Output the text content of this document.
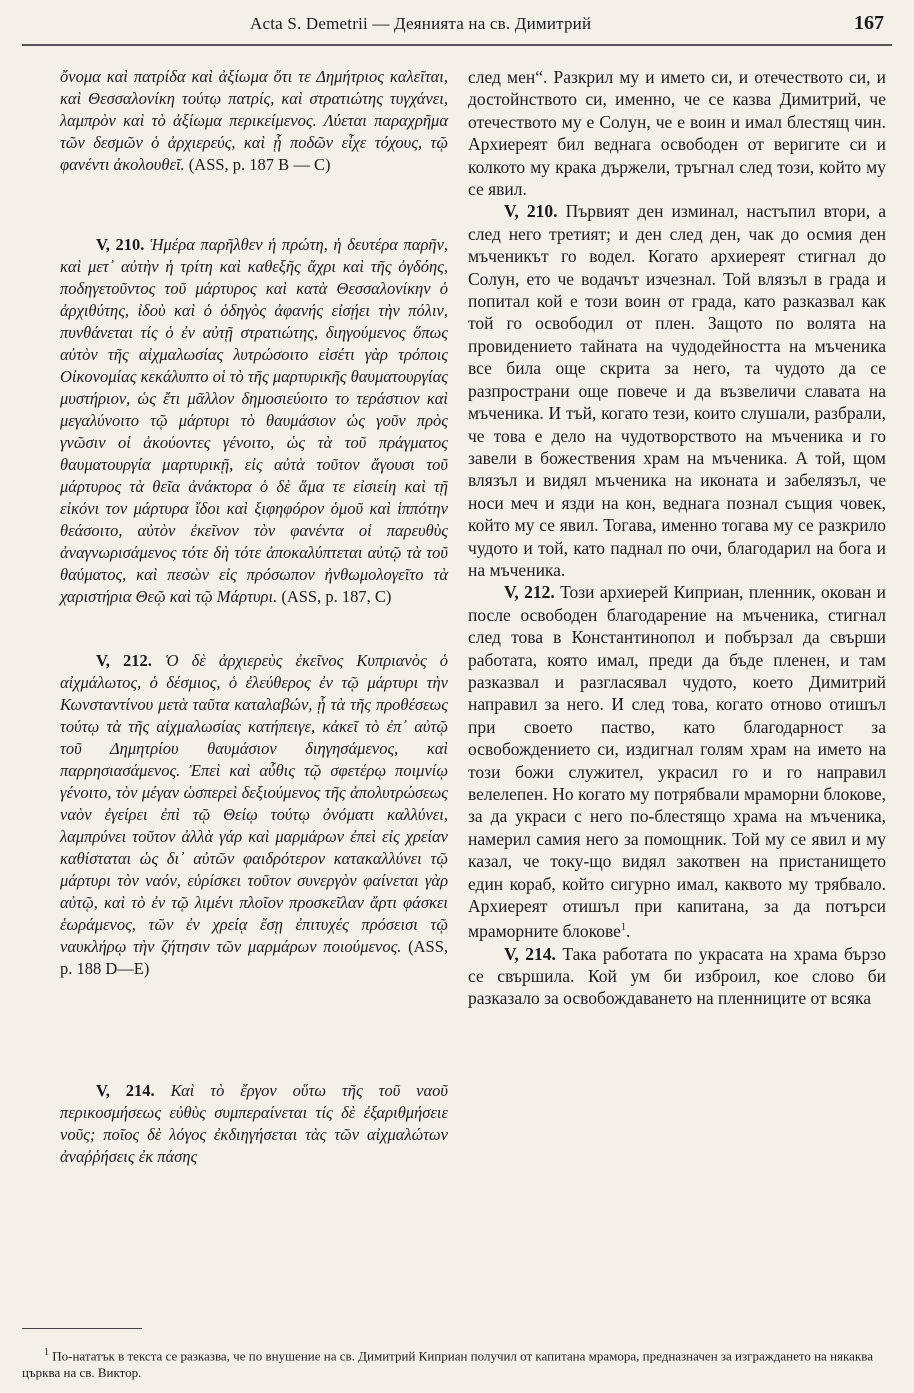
Acta S. Demetrii — Деянията на св. Димитрий	167

ὄνομα καὶ πατρίδα καὶ ἀξίωμα ὅτι τε Δημήτριος καλεῖται, καὶ Θεσσαλονίκη τούτῳ πατρίς, καὶ στρατιώτης τυγχάνει, λαμπρὸν καὶ τὸ ἀξίωμα περικείμενος. Λύεται παραχρῆμα τῶν δεσμῶν ὁ ἀρχιερεύς, καὶ ᾗ ποδῶν εἶχε τόχους, τῷ φανέντι ἀκολουθεῖ. (ASS, p. 187 B — C)

V, 210. Ἡμέρα παρῆλθεν ἡ πρώτη, ἡ δευτέρα παρῆν, καὶ μετ᾽ αὐτὴν ἡ τρίτη καὶ καθεξῆς ἄχρι καὶ τῆς ὀγδόης, ποδηγετοῦντος τοῦ μάρτυρος καὶ κατὰ Θεσσαλονίκην ὁ ἀρχιθύτης, ἰδοὺ καὶ ὁ ὁδηγὸς ἀφανής εἰσῄει τὴν πόλιν, πυνθάνεται τίς ὁ ἐν αὐτῇ στρατιώτης, διηγούμενος ὅπως αὐτὸν τῆς αἰχμαλωσίας λυτρώσοιτο εἰσέτι γὰρ τρόποις Οἰκονομίας κεκάλυπτο οἱ τὸ τῆς μαρτυρικῆς θαυματουργίας μυστήριον, ὡς ἔτι μᾶλλον δημοσιεύοιτο το τεράστιον καὶ μεγαλύνοιτο τῷ μάρτυρι τὸ θαυμάσιον ὡς γοῦν πρὸς γνῶσιν οἱ ἀκούοντες γένοιτο, ὡς τὰ τοῦ πράγματος θαυματουργία μαρτυρικῇ, εἰς αὐτὰ τοῦτον ἄγουσι τοῦ μάρτυρος τὰ θεῖα ἀνάκτορα ὁ δὲ ἅμα τε εἰσιείη καὶ τῇ εἰκόνι τον μάρτυρα ἴδοι καὶ ξιφηφόρον ὁμοῦ καὶ ἱππότην θεάσοιτο, αὐτὸν ἐκεῖνον τὸν φανέντα οἱ παρευθὺς ἀναγνωρισάμενος τότε δὴ τότε ἀποκαλύπτεται αὐτῷ τὰ τοῦ θαύματος, καὶ πεσὼν εἰς πρόσωπον ἠνθωμολογεῖτο τὰ χαριστήρια Θεῷ καὶ τῷ Μάρτυρι. (ASS, p. 187, C)

V, 212. Ὁ δὲ ἀρχιερεὺς ἐκεῖνος Κυπριανὸς ὁ αἰχμάλωτος, ὁ δέσμιος, ὁ ἐλεύθερος ἐν τῷ μάρτυρι τὴν Κωνσταντίνου μετὰ ταῦτα καταλαβών, ᾗ τὰ τῆς προθέσεως τούτῳ τὰ τῆς αἰχμαλωσίας κατήπειγε, κἀκεῖ τὸ ἐπ᾽ αὐτῷ τοῦ Δημητρίου θαυμάσιον διηγησάμενος, καὶ παρρησιασάμενος. Ἐπεὶ καὶ αὖθις τῷ σφετέρῳ ποιμνίῳ γένοιτο, τὸν μέγαν ὡσπερεὶ δεξιούμενος τῆς ἀπολυτρώσεως ναὸν ἐγείρει ἐπὶ τῷ Θείῳ τούτῳ ὀνόματι καλλύνει, λαμπρύνει τοῦτον ἀλλὰ γάρ καὶ μαρμάρων ἐπεὶ εἰς χρείαν καθίσταται ὡς δι᾽ αὐτῶν φαιδρότερον κατακαλλύνει τῷ μάρτυρι τὸν ναόν, εὑρίσκει τοῦτον συνεργὸν φαίνεται γὰρ αὐτῷ, καὶ τὸ ἐν τῷ λιμένι πλοῖον προσκεῖλαν ἄρτι φάσκει ἑωράμενος, τῶν ἐν χρείᾳ ἔσῃ ἐπιτυχές πρόσεισι τῷ ναυκλήρῳ τὴν ζήτησιν τῶν μαρμάρων ποιούμενος. (ASS, p. 188 D—E)

V, 214. Καὶ τὸ ἔργον οὕτω τῆς τοῦ ναοῦ περικοσμήσεως εὐθὺς συμπεραίνεται τίς δὲ ἐξαριθμήσειε νοῦς; ποῖος δὲ λόγος ἐκδιηγήσεται τὰς τῶν αἰχμαλώτων ἀναῤῥήσεις ἐκ πάσης

след мен“. Разкрил му и името си, и отечеството си, и достойнството си, именно, че се казва Димитрий, че отечеството му е Солун, че е воин и имал блестящ чин. Архиереят бил веднага освободен от веригите си и колкото му крака държели, тръгнал след този, който му се явил.

V, 210. Първият ден изминал, настъпил втори, а след него третият; и ден след ден, чак до осмия ден мъченикът го водел. Когато архиереят стигнал до Солун, ето че водачът изчезнал. Той влязъл в града и попитал кой е този воин от града, като разказвал как той го освободил от плен. Защото по волята на провидението тайната на чудодейността на мъченика все била още скрита за него, та чудото да се разпространи още повече и да възвеличи славата на мъченика. И тъй, когато тези, които слушали, разбрали, че това е дело на чудотворството на мъченика и го завели в божествения храм на мъченика. А той, щом влязъл и видял мъченика на иконата и забелязъл, че носи меч и язди на кон, веднага познал същия човек, който му се явил. Тогава, именно тогава му се разкрило чудото и той, като паднал по очи, благодарил на бога и на мъченика.

V, 212. Този архиерей Киприан, пленник, окован и после освободен благодарение на мъченика, стигнал след това в Константинопол и побързал да свърши работата, която имал, преди да бъде пленен, и там разказвал и разгласявал чудото, което Димитрий направил за него. И след това, когато отново отишъл при своето паство, като благодарност за освобождението си, издигнал голям храм на името на този божи служител, украсил го и го направил велелепен. Но когато му потрябвали мраморни блокове, за да украси с него по-блестящо храма на мъченика, намерил самия него за помощник. Той му се явил и му казал, че току-що видял закотвен на пристанището един кораб, който сигурно имал, каквото му трябвало. Архиереят отишъл при капитана, за да потърси мраморните блокове$^1$.

V, 214. Така работата по украсата на храма бързо се свършила. Кой ум би изброил, кое слово би разказало за освобождаването на пленниците от всяка

$^1$ По-нататък в текста се разказва, че по внушение на св. Димитрий Киприан получил от капитана мрамора, предназначен за изграждането на някаква църква на св. Виктор.
